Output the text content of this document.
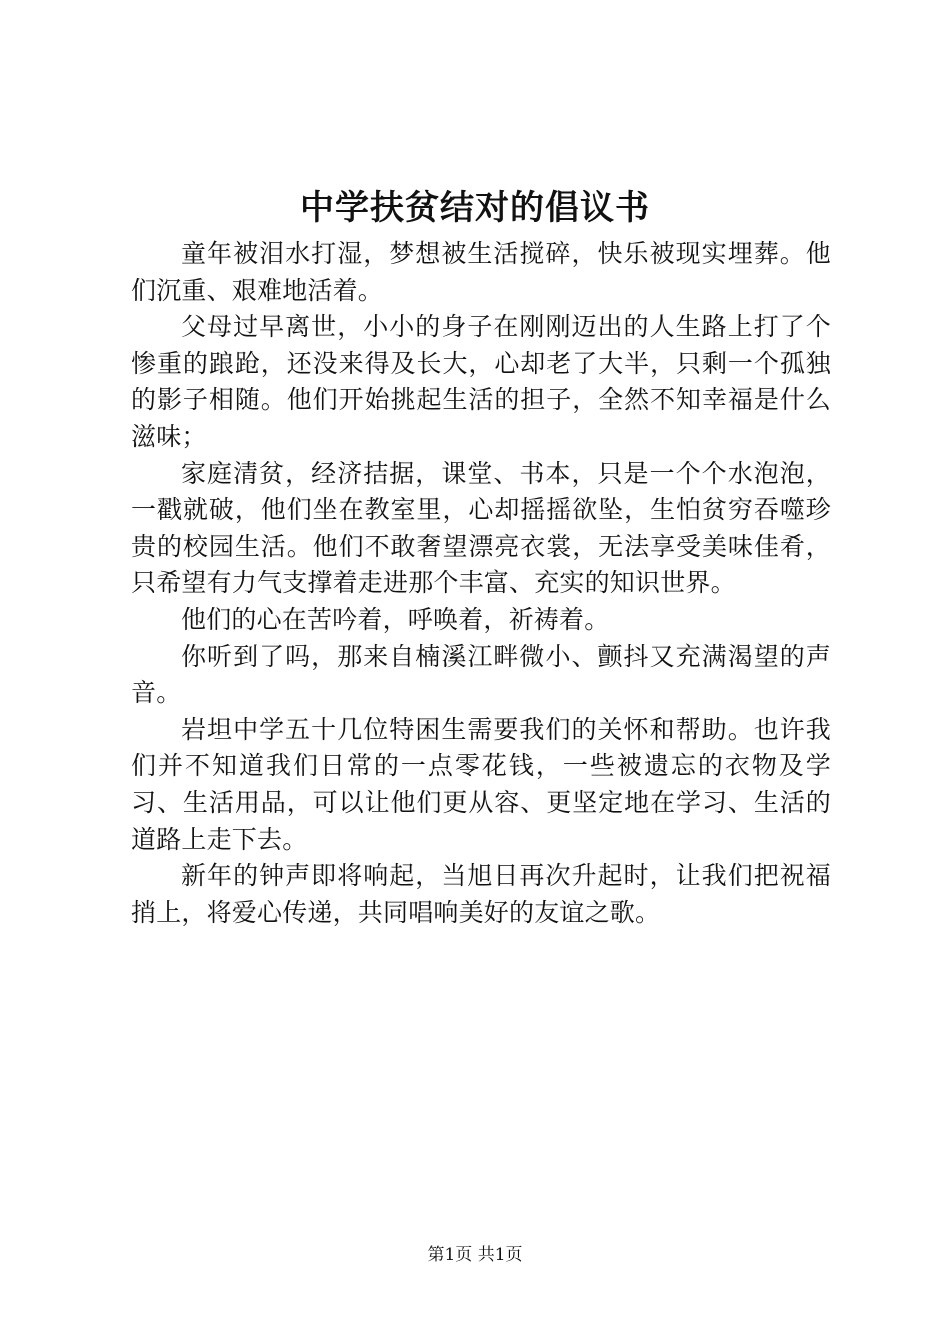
中学扶贫结对的倡议书

童年被泪水打湿，梦想被生活搅碎，快乐被现实埋葬。他们沉重、艰难地活着。

父母过早离世，小小的身子在刚刚迈出的人生路上打了个惨重的踉跄，还没来得及长大，心却老了大半，只剩一个孤独的影子相随。他们开始挑起生活的担子，全然不知幸福是什么滋味；

家庭清贫，经济拮据，课堂、书本，只是一个个水泡泡，一戳就破，他们坐在教室里，心却摇摇欲坠，生怕贫穷吞噬珍贵的校园生活。他们不敢奢望漂亮衣裳，无法享受美味佳肴，只希望有力气支撑着走进那个丰富、充实的知识世界。

他们的心在苦吟着，呼唤着，祈祷着。

你听到了吗，那来自楠溪江畔微小、颤抖又充满渴望的声音。

岩坦中学五十几位特困生需要我们的关怀和帮助。也许我们并不知道我们日常的一点零花钱，一些被遗忘的衣物及学习、生活用品，可以让他们更从容、更坚定地在学习、生活的道路上走下去。

新年的钟声即将响起，当旭日再次升起时，让我们把祝福捎上，将爱心传递，共同唱响美好的友谊之歌。

第1页 共1页
